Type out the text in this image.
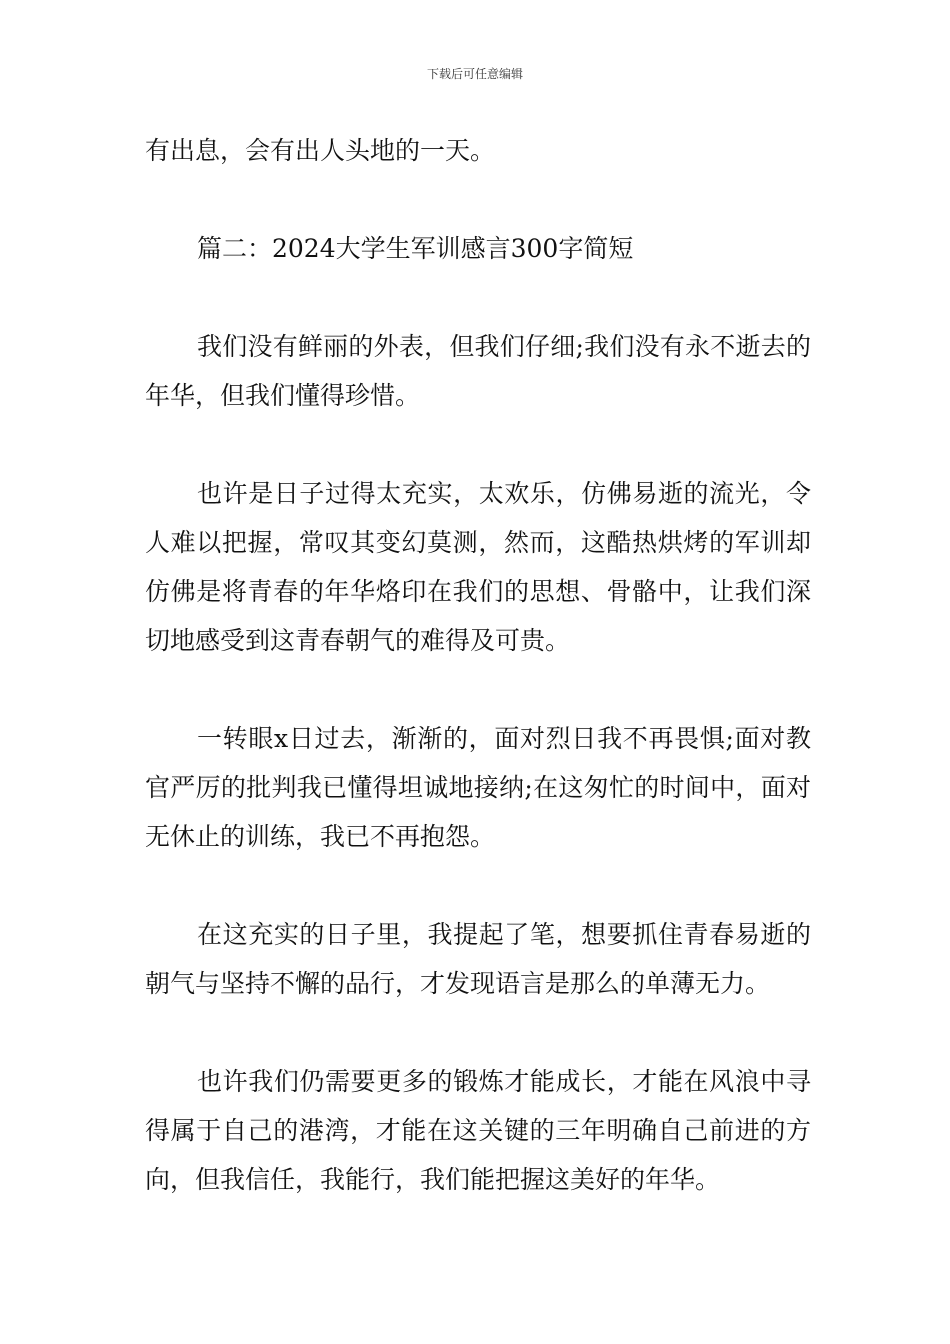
下载后可任意编辑

有出息，会有出人头地的一天。

篇二：2024大学生军训感言300字简短

我们没有鲜丽的外表，但我们仔细;我们没有永不逝去的年华，但我们懂得珍惜。

也许是日子过得太充实，太欢乐，仿佛易逝的流光，令人难以把握，常叹其变幻莫测，然而，这酷热烘烤的军训却仿佛是将青春的年华烙印在我们的思想、骨骼中，让我们深切地感受到这青春朝气的难得及可贵。

一转眼x日过去，渐渐的，面对烈日我不再畏惧;面对教官严厉的批判我已懂得坦诚地接纳;在这匆忙的时间中，面对无休止的训练，我已不再抱怨。

在这充实的日子里，我提起了笔，想要抓住青春易逝的朝气与坚持不懈的品行，才发现语言是那么的单薄无力。

也许我们仍需要更多的锻炼才能成长，才能在风浪中寻得属于自己的港湾，才能在这关键的三年明确自己前进的方向，但我信任，我能行，我们能把握这美好的年华。
